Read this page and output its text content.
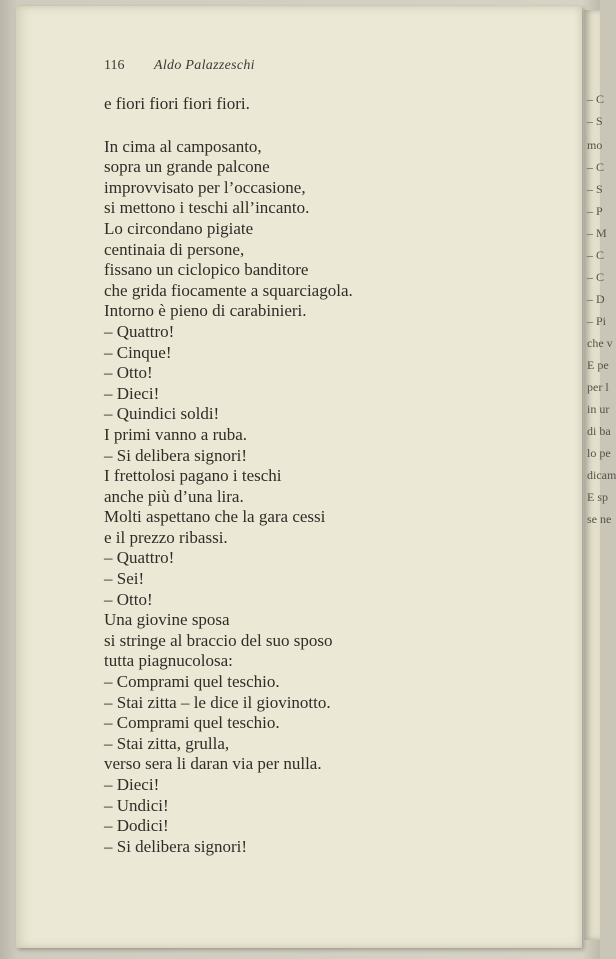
116 Aldo Palazzeschi
e fiori fiori fiori fiori.
In cima al camposanto,
sopra un grande palcone
improvvisato per l’occasione,
si mettono i teschi all’incanto.
Lo circondano pigiate
centinaia di persone,
fissano un ciclopico banditore
che grida fiocamente a squarciagola.
Intorno è pieno di carabinieri.
– Quattro!
– Cinque!
– Otto!
– Dieci!
– Quindici soldi!
I primi vanno a ruba.
– Si delibera signori!
I frettolosi pagano i teschi
anche più d’una lira.
Molti aspettano che la gara cessi
e il prezzo ribassi.
– Quattro!
– Sei!
– Otto!
Una giovine sposa
si stringe al braccio del suo sposo
tutta piagnucolosa:
– Comprami quel teschio.
– Stai zitta – le dice il giovinotto.
– Comprami quel teschio.
– Stai zitta, grulla,
verso sera li daran via per nulla.
– Dieci!
– Undici!
– Dodici!
– Si delibera signori!
– C
– S
mo
– C
– S
– P
– M
– C
– C
– D
– Pi
che v
E pe
per l
in ur
di ba
lo pe
dicam
E sp
se ne
